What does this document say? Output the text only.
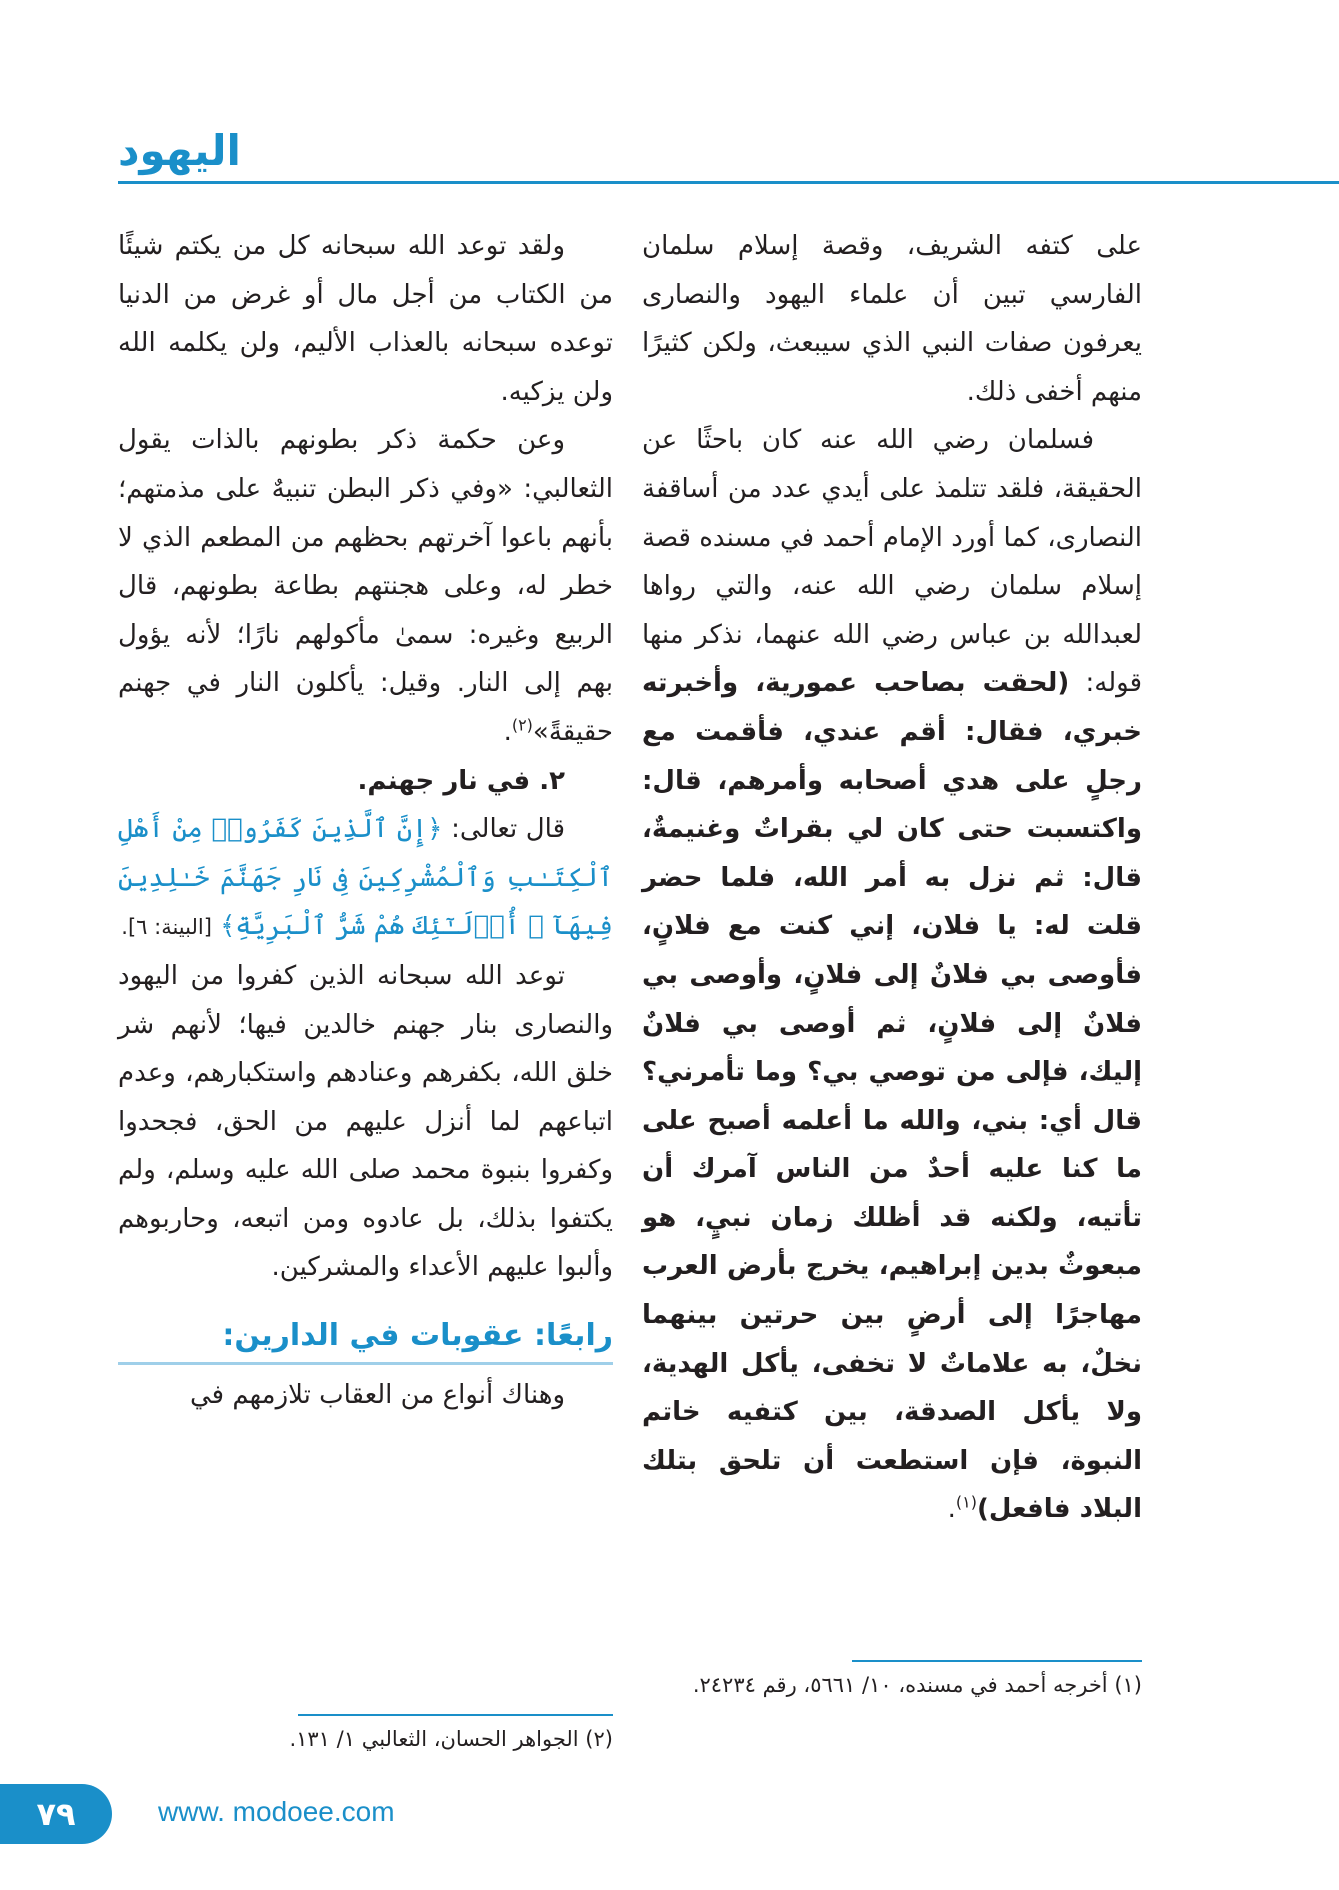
اليهود

على كتفه الشريف، وقصة إسلام سلمان الفارسي تبين أن علماء اليهود والنصارى يعرفون صفات النبي الذي سيبعث، ولكن كثيرًا منهم أخفى ذلك.

فسلمان رضي الله عنه كان باحثًا عن الحقيقة، فلقد تتلمذ على أيدي عدد من أساقفة النصارى، كما أورد الإمام أحمد في مسنده قصة إسلام سلمان رضي الله عنه، والتي رواها لعبدالله بن عباس رضي الله عنهما، نذكر منها قوله: (لحقت بصاحب عمورية، وأخبرته خبري، فقال: أقم عندي، فأقمت مع رجلٍ على هدي أصحابه وأمرهم، قال: واكتسبت حتى كان لي بقراتٌ وغنيمةٌ، قال: ثم نزل به أمر الله، فلما حضر قلت له: يا فلان، إني كنت مع فلانٍ، فأوصى بي فلانٌ إلى فلانٍ، وأوصى بي فلانٌ إلى فلانٍ، ثم أوصى بي فلانٌ إليك، فإلى من توصي بي؟ وما تأمرني؟ قال أي: بني، والله ما أعلمه أصبح على ما كنا عليه أحدٌ من الناس آمرك أن تأتيه، ولكنه قد أظلك زمان نبيٍ، هو مبعوثٌ بدين إبراهيم، يخرج بأرض العرب مهاجرًا إلى أرضٍ بين حرتين بينهما نخلٌ، به علاماتٌ لا تخفى، يأكل الهدية، ولا يأكل الصدقة، بين كتفيه خاتم النبوة، فإن استطعت أن تلحق بتلك البلاد فافعل)$^{(١)}$.

ولقد توعد الله سبحانه كل من يكتم شيئًا من الكتاب من أجل مال أو غرض من الدنيا توعده سبحانه بالعذاب الأليم، ولن يكلمه الله ولن يزكيه.

وعن حكمة ذكر بطونهم بالذات يقول الثعالبي: «وفي ذكر البطن تنبيهٌ على مذمتهم؛ بأنهم باعوا آخرتهم بحظهم من المطعم الذي لا خطر له، وعلى هجنتهم بطاعة بطونهم، قال الربيع وغيره: سمىٰ مأكولهم نارًا؛ لأنه يؤول بهم إلى النار. وقيل: يأكلون النار في جهنم حقيقةً»$^{(٢)}$.

٢. في نار جهنم.

قال تعالى: ﴿إِنَّ ٱلَّذِينَ كَفَرُوا۟ مِنْ أَهْلِ ٱلْكِتَـٰبِ وَٱلْمُشْرِكِينَ فِى نَارِ جَهَنَّمَ خَـٰلِدِينَ فِيهَآ ۚ أُو۟لَـٰٓئِكَ هُمْ شَرُّ ٱلْبَرِيَّةِ﴾ [البينة: ٦].

توعد الله سبحانه الذين كفروا من اليهود والنصارى بنار جهنم خالدين فيها؛ لأنهم شر خلق الله، بكفرهم وعنادهم واستكبارهم، وعدم اتباعهم لما أنزل عليهم من الحق، فجحدوا وكفروا بنبوة محمد صلى الله عليه وسلم، ولم يكتفوا بذلك، بل عادوه ومن اتبعه، وحاربوهم وألبوا عليهم الأعداء والمشركين.

رابعًا: عقوبات في الدارين:

وهناك أنواع من العقاب تلازمهم في

(١) أخرجه أحمد في مسنده، ١٠/ ٥٦٦١، رقم ٢٤٢٣٤.
(٢) الجواهر الحسان، الثعالبي ١/ ١٣١.
٧٩	www. modoee.com
